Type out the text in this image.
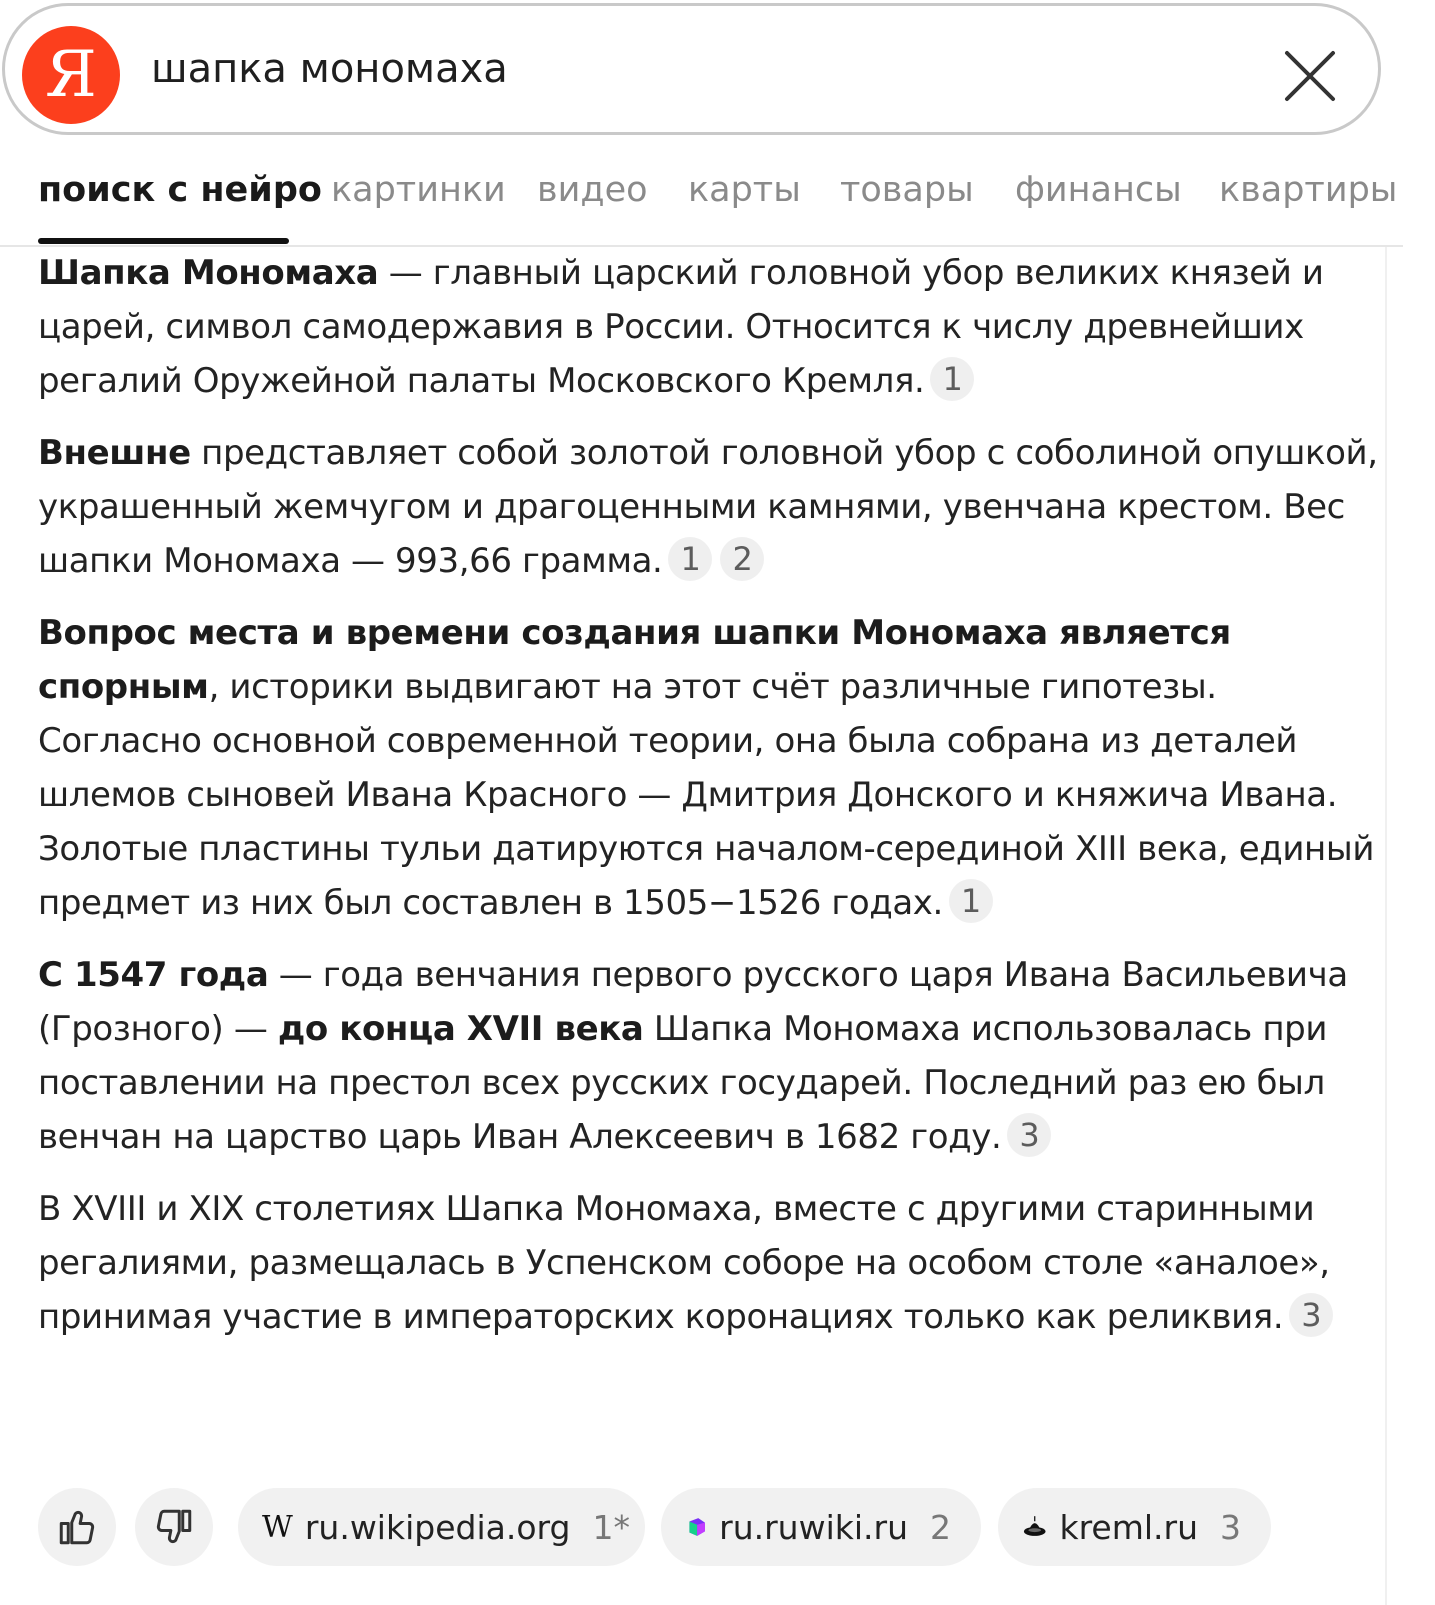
Я шапка мономаха
поиск с нейро картинки видео карты товары финансы квартиры

Шапка Мономаха — главный царский головной убор великих князей и царей, символ самодержавия в России. Относится к числу древнейших регалий Оружейной палаты Московского Кремля. 1

Внешне представляет собой золотой головной убор с соболиной опушкой, украшенный жемчугом и драгоценными камнями, увенчана крестом. Вес шапки Мономаха — 993,66 грамма. 1 2

Вопрос места и времени создания шапки Мономаха является спорным, историки выдвигают на этот счёт различные гипотезы. Согласно основной современной теории, она была собрана из деталей шлемов сыновей Ивана Красного — Дмитрия Донского и княжича Ивана. Золотые пластины тульи датируются началом-серединой XIII века, единый предмет из них был составлен в 1505−1526 годах. 1

С 1547 года — года венчания первого русского царя Ивана Васильевича (Грозного) — до конца XVII века Шапка Мономаха использовалась при поставлении на престол всех русских государей. Последний раз ею был венчан на царство царь Иван Алексеевич в 1682 году. 3

В XVIII и XIX столетиях Шапка Мономаха, вместе с другими старинными регалиями, размещалась в Успенском соборе на особом столе «аналое», принимая участие в императорских коронациях только как реликвия. 3

W ru.wikipedia.org 1*	ru.ruwiki.ru 2	kreml.ru 3
